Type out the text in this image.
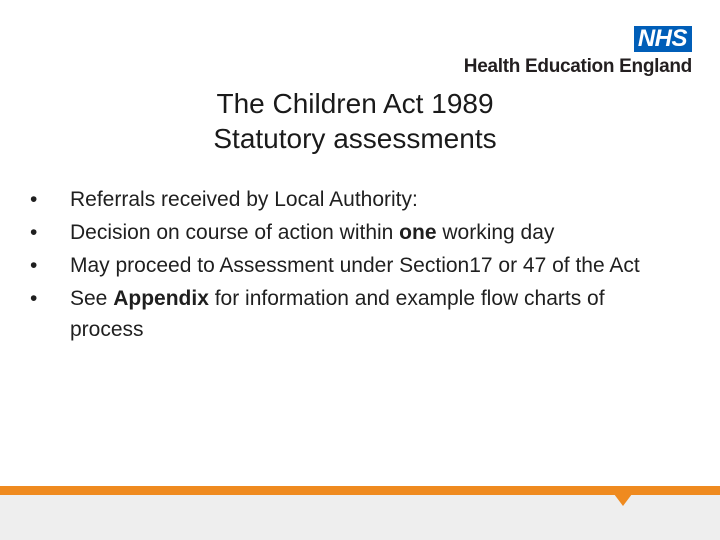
NHS
Health Education England
The Children Act 1989
Statutory assessments
• Referrals received by Local Authority:
• Decision on course of action within one working day
• May proceed to Assessment under Section17 or 47 of the Act
• See Appendix for information and example flow charts of process
